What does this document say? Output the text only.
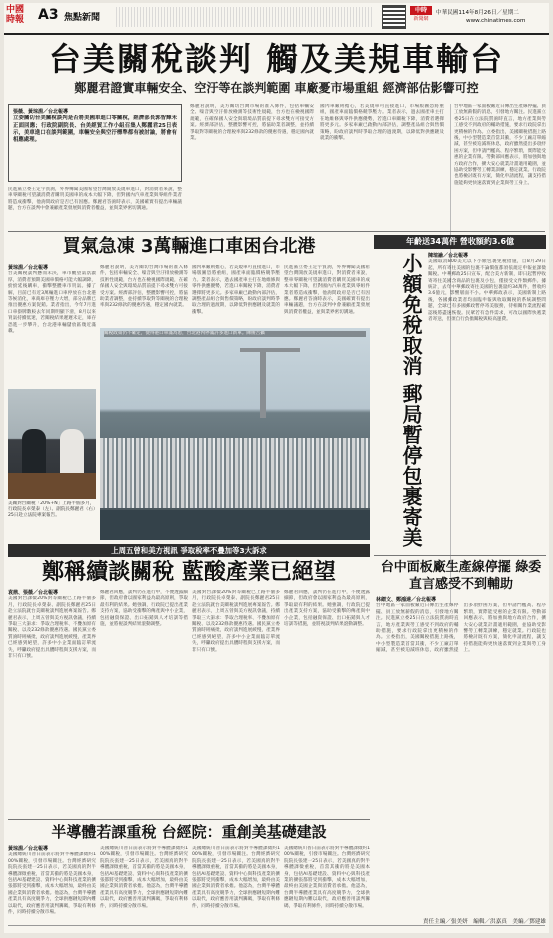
中國
時報 A3 焦點新聞
中時
新聞網
中華民國114年8月26日／星期二
www.chinatimes.com
台美關稅談判 觸及美規車輸台
鄭麗君證實車輛安全、空汙等在談判範圍 車廠憂市場重組 經濟部估影響可控
張薇、黃琮淵／台北報導
立委關切台美關稅談判是否將美國車進口零關稅，經濟部長郭智輝未正面回應；行政院副院長、台美經貿工作小組召集人鄭麗君25日表示，美車進口在談判範圍，車輛安全與空汙標準都有被討論，將會有相應處理。
民進黨立委王定宇質詢，外界傳聞美國希望台灣開放美規車進口，對消費者來說，整車零關稅可望讓消費者購買美國車的成本大幅下降，但對國內汽車產業與零組件業者將造成衝擊，他詢問政府是否已有因應。鄭麗君答詢時表示，美國確實有提出車輛議題，台方在談判中會兼顧產業發展與消費者權益，並與業界密切溝通。
鄭麗君說明，美方關切台灣市場的准入條件，包括車輛安全、噪音與空汙排放檢測等技術性規範，台方也在檢視國際規範，在確保國人安全與環境品質前提下尋求雙方可接受方案。經濟部評估，整體影響可控，將協助業者調整，並持續爭取對等關稅的合理稅率與232條款的優惠待遇，穩定國內就業。
國內車廠則擔心，若美規車可直接進口，市場版圖恐將重組，國產車面臨價格競爭壓力。業者表示，過去國產車主打在地維修與零件供應優勢，若進口車關稅下降，消費者選擇將更多元。多家車廠已啟動內部評估，調整產品組合與售價策略，盼政府談判時爭取合理的過渡期，以降低對供應鏈及就業的衝擊。
台中地區一家面板廠近日傳出生產線停擺、員工放無薪假的消息，引發地方關注。民進黨立委25日在立法院質詢時直言，地方產業與勞工感受不到政府的輔助措施，要求行政院拿出更積極的作為。立委指出，美國關稅措施上路後，中小型製造業首當其衝，不少工廠訂單縮減，甚至被迫減班休息，政府雖然提出多項紓困方案，但申請門檻高、程序繁瑣，實際能受惠的企業有限。勞動部回應表示，將加強與地方政府合作，擴大安心就業計畫適用範圍，並協助受影響勞工轉業訓練，穩定就業。行政院也將檢討既有方案，簡化申請流程，讓支持措施能夠更快速落實到企業與勞工身上。
買氣急凍 3萬輛進口車困台北港
黃琮淵／台北報導
台美關稅談判懸而未決，車市觀望氣氛濃厚，消費者預期美國車價格可能大幅調降，紛紛延後購車，衝擊整體車市買氣。據了解，目前已有近3萬輛進口車停放在台北港等候消化，車商庫存壓力大增，部分品牌已推出優惠方案促銷。業者指出，今年7月進口車掛牌數較去年同期明顯下滑，8月以來買氣持續低迷，若關稅結果遲遲未定，庫存恐進一步攀升，台北港車輛儲放區幾近滿載。
鄭麗君說明，美方關切台灣市場的准入條件，包括車輛安全、噪音與空汙排放檢測等技術性規範，台方也在檢視國際規範，在確保國人安全與環境品質前提下尋求雙方可接受方案。經濟部評估，整體影響可控，將協助業者調整，並持續爭取對等關稅的合理稅率與232條款的優惠待遇，穩定國內就業。
國內車廠則擔心，若美規車可直接進口，市場版圖恐將重組，國產車面臨價格競爭壓力。業者表示，過去國產車主打在地維修與零件供應優勢，若進口車關稅下降，消費者選擇將更多元。多家車廠已啟動內部評估，調整產品組合與售價策略，盼政府談判時爭取合理的過渡期，以降低對供應鏈及就業的衝擊。
民進黨立委王定宇質詢，外界傳聞美國希望台灣開放美規車進口，對消費者來說，整車零關稅可望讓消費者購買美國車的成本大幅下降，但對國內汽車產業與零組件業者將造成衝擊，他詢問政府是否已有因應。鄭麗君答詢時表示，美國確實有提出車輛議題，台方在談判中會兼顧產業發展與消費者權益，並與業界密切溝通。
關稅政策仍不確定，使得港口車滿為患，台北港內停滿許多進口新車。陳俊吉攝
美關對台關稅「20%+N」上路半個多月，行政院長卓榮泰（左）、副院長鄭麗君（右）25日赴立法院專案報告。
年齡送34萬件 營收額約3.6億
小額免稅取消 郵局暫停包裹寄美 陳瑄諭／台北報導
美國取消800美元以下小額包裹免稅措施，自8月29日起，所有寄往美國的包裹不論價值都須依規定申報並課徵關稅。中華郵政25日宣布，配合美方新制，即日起暫停收寄寄往美國含商品的包裹及小包，僅接受文件類郵件。據統計，去年中華郵政寄往美國的包裹量約34萬件，營收約3.6億元，影響層面不小。中華郵政表示，美國新制上路後，各國郵政業者均面臨申報與收取關稅的系統調整問題，全球已有多國郵政暫停寄美服務，待相關作業流程確認後將盡速恢復。民眾若有急件需求，可改以國際快遞業者寄送，但須自行負擔關稅與較高運費。
上周五曾和美方視訊 爭取稅率不疊加等3大訴求
鄭稱續談關稅 藍酸產業已絕望
袁鼎、張薇／台北報導
美國對台課徵20%對等關稅已上路半個多月，行政院長卓榮泰、副院長鄭麗君25日赴立法院就台美關稅談判進展專案報告。鄭麗君表示，上周五曾與美方視訊會議，持續爭取三大訴求：爭取合理稅率、不疊加原有關稅、以及232條款優惠待遇。國民黨立委質詢時則痛批，政府談判進展緩慢，產業界已經感到絕望，許多中小企業面臨訂單流失，呼籲政府提出具體時程與支援方案，而非只有口號。
鄭麗君回應，談判仍在進行中，不便透露細節，但政府會以國家利益為最高原則，爭取最有利的結果。她強調，行政院已提出產業支持方案，協助受衝擊的傳產與中小企業，包括融資保證、出口拓銷與人才培訓等措施，並將視談判結果滾動調整。
美國對台課徵20%對等關稅已上路半個多月，行政院長卓榮泰、副院長鄭麗君25日赴立法院就台美關稅談判進展專案報告。鄭麗君表示，上周五曾與美方視訊會議，持續爭取三大訴求：爭取合理稅率、不疊加原有關稅、以及232條款優惠待遇。國民黨立委質詢時則痛批，政府談判進展緩慢，產業界已經感到絕望，許多中小企業面臨訂單流失，呼籲政府提出具體時程與支援方案，而非只有口號。
鄭麗君回應，談判仍在進行中，不便透露細節，但政府會以國家利益為最高原則，爭取最有利的結果。她強調，行政院已提出產業支持方案，協助受衝擊的傳產與中小企業，包括融資保證、出口拓銷與人才培訓等措施，並將視談判結果滾動調整。
台中面板廠生產線停擺 綠委直言感受不到輔助
林縉文、鄭鴻達／台北報導
台中地區一家面板廠近日傳出生產線停擺、員工放無薪假的消息，引發地方關注。民進黨立委25日在立法院質詢時直言，地方產業與勞工感受不到政府的輔助措施，要求行政院拿出更積極的作為。立委指出，美國關稅措施上路後，中小型製造業首當其衝，不少工廠訂單縮減，甚至被迫減班休息，政府雖然提出多項紓困方案，但申請門檻高、程序繁瑣，實際能受惠的企業有限。勞動部回應表示，將加強與地方政府合作，擴大安心就業計畫適用範圍，並協助受影響勞工轉業訓練，穩定就業。行政院也將檢討既有方案，簡化申請流程，讓支持措施能夠更快速落實到企業與勞工身上。
半導體若課重稅 台經院：重創美基礎建設
黃琮淵／台北報導
美國總統川普日前表示將對半導體課徵約100%關稅，引發市場關注。台灣經濟研究院院長張建一25日表示，若美國真的對半導體課徵重稅，首當其衝的將是美國本身，包括AI基礎建設、資料中心與科技產業的擴張都將受到衝擊，成本大幅增加，最終由美國企業與消費者承擔。他認為，台灣半導體產業具有高度競爭力，全球供應鏈短期內難以取代，政府應善用談判籌碼，爭取有利條件，同時持續分散市場。
美國總統川普日前表示將對半導體課徵約100%關稅，引發市場關注。台灣經濟研究院院長張建一25日表示，若美國真的對半導體課徵重稅，首當其衝的將是美國本身，包括AI基礎建設、資料中心與科技產業的擴張都將受到衝擊，成本大幅增加，最終由美國企業與消費者承擔。他認為，台灣半導體產業具有高度競爭力，全球供應鏈短期內難以取代，政府應善用談判籌碼，爭取有利條件，同時持續分散市場。
美國總統川普日前表示將對半導體課徵約100%關稅，引發市場關注。台灣經濟研究院院長張建一25日表示，若美國真的對半導體課徵重稅，首當其衝的將是美國本身，包括AI基礎建設、資料中心與科技產業的擴張都將受到衝擊，成本大幅增加，最終由美國企業與消費者承擔。他認為，台灣半導體產業具有高度競爭力，全球供應鏈短期內難以取代，政府應善用談判籌碼，爭取有利條件，同時持續分散市場。
美國總統川普日前表示將對半導體課徵約100%關稅，引發市場關注。台灣經濟研究院院長張建一25日表示，若美國真的對半導體課徵重稅，首當其衝的將是美國本身，包括AI基礎建設、資料中心與科技產業的擴張都將受到衝擊，成本大幅增加，最終由美國企業與消費者承擔。他認為，台灣半導體產業具有高度競爭力，全球供應鏈短期內難以取代，政府應善用談判籌碼，爭取有利條件，同時持續分散市場。
責任主編／張美妍　編輯／洪嘉真　美編／鄧建雄
